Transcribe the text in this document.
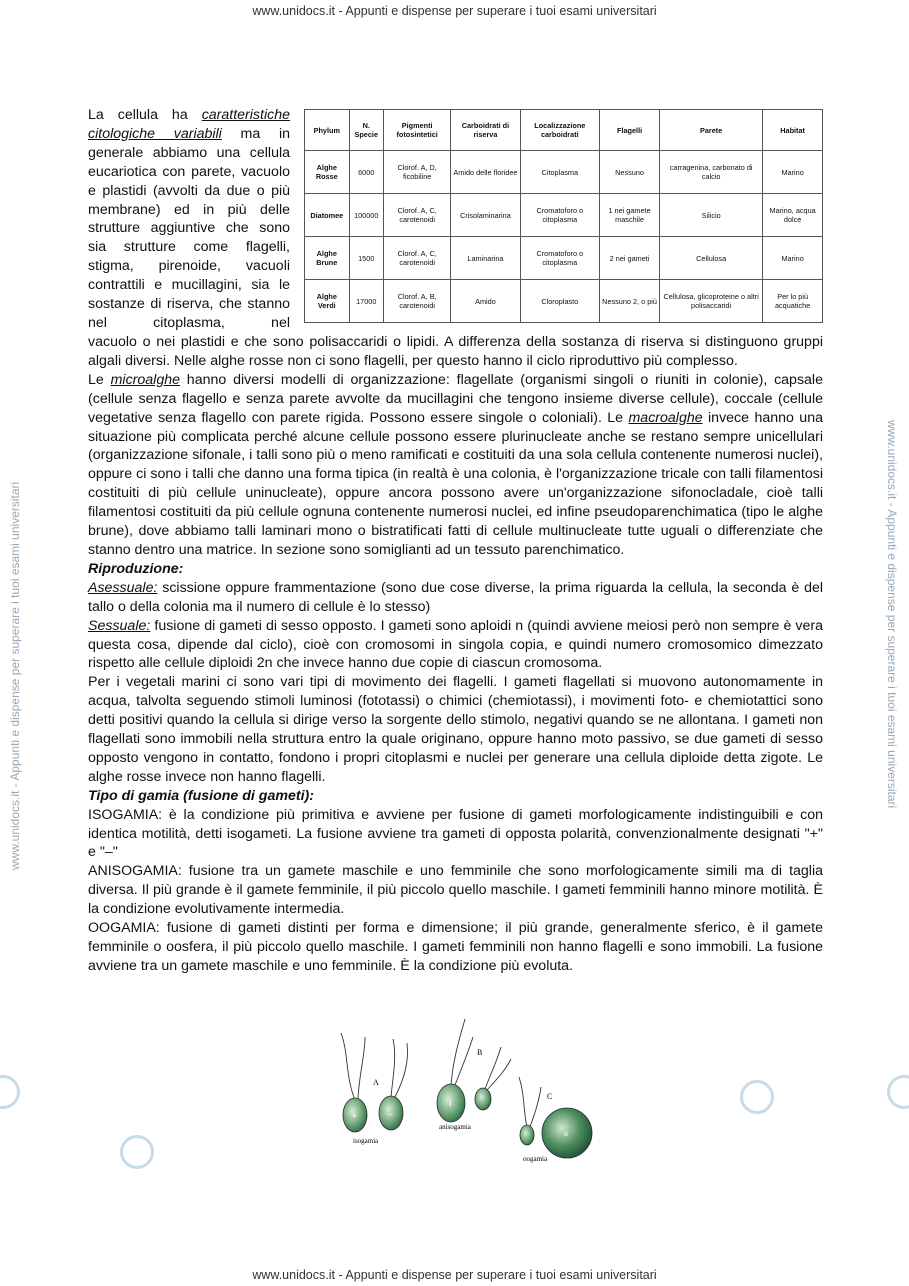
www.unidocs.it - Appunti e dispense per superare i tuoi esami universitari
www.unidocs.it - Appunti e dispense per superare i tuoi esami universitari	www.unidocs.it - Appunti e dispense per superare i tuoi esami universitari
La cellula ha caratteristiche citologiche variabili ma in generale abbiamo una cellula eucariotica con parete, vacuolo e plastidi (avvolti da due o più membrane) ed in più delle strutture aggiuntive che sono sia strutture come flagelli, stigma, pirenoide, vacuoli contrattili e mucillagini, sia le sostanze di riserva, che stanno nel citoplasma, nel
Phylum	N. Specie	Pigmenti fotosintetici	Carboidrati di riserva	Localizzazione carboidrati	Flagelli	Parete	Habitat
Alghe Rosse	6000	Clorof. A, D, ficobiline	Amido delle floridee	Citoplasma	Nessuno	carragenina, carbonato di calcio	Marino
Diatomee	100000	Clorof. A, C, carotenoidi	Crisolaminarina	Cromatoforo o citoplasma	1 nei gamete maschile	Silicio	Marino, acqua dolce
Alghe Brune	1500	Clorof. A, C, carotenoidi	Laminarina	Cromatoforo o citoplasma	2 nei gameti	Cellulosa	Marino
Alghe Verdi	17000	Clorof. A, B, carotenoidi	Amido	Cloroplasto	Nessuno 2, o più	Cellulosa, glicoproteine o altri polisaccaridi	Per lo più acquatiche

vacuolo o nei plastidi e che sono polisaccaridi o lipidi. A differenza della sostanza di riserva si distinguono gruppi algali diversi. Nelle alghe rosse non ci sono flagelli, per questo hanno il ciclo riproduttivo più complesso.

Le microalghe hanno diversi modelli di organizzazione: flagellate (organismi singoli o riuniti in colonie), capsale (cellule senza flagello e senza parete avvolte da mucillagini che tengono insieme diverse cellule), coccale (cellule vegetative senza flagello con parete rigida. Possono essere singole o coloniali). Le macroalghe invece hanno una situazione più complicata perché alcune cellule possono essere plurinucleate anche se restano sempre unicellulari (organizzazione sifonale, i talli sono più o meno ramificati e costituiti da una sola cellula contenente numerosi nuclei), oppure ci sono i talli che danno una forma tipica (in realtà è una colonia, è l'organizzazione tricale con talli filamentosi costituiti di più cellule uninucleate), oppure ancora possono avere un'organizzazione sifonocladale, cioè talli filamentosi costituiti da più cellule ognuna contenente numerosi nuclei, ed infine pseudoparenchimatica (tipo le alghe brune), dove abbiamo talli laminari mono o bistratificati fatti di cellule multinucleate tutte uguali o differenziate che stanno dentro una matrice. In sezione sono somiglianti ad un tessuto parenchimatico.

Riproduzione:

Asessuale: scissione oppure frammentazione (sono due cose diverse, la prima riguarda la cellula, la seconda è del tallo o della colonia ma il numero di cellule è lo stesso)

Sessuale: fusione di gameti di sesso opposto. I gameti sono aploidi n (quindi avviene meiosi però non sempre è vera questa cosa, dipende dal ciclo), cioè con cromosomi in singola copia, e quindi numero cromosomico dimezzato rispetto alle cellule diploidi 2n che invece hanno due copie di ciascun cromosoma.

Per i vegetali marini ci sono vari tipi di movimento dei flagelli. I gameti flagellati si muovono autonomamente in acqua, talvolta seguendo stimoli luminosi (fototassi) o chimici (chemiotassi), i movimenti foto- e chemiotattici sono detti positivi quando la cellula si dirige verso la sorgente dello stimolo, negativi quando se ne allontana. I gameti non flagellati sono immobili nella struttura entro la quale originano, oppure hanno moto passivo, se due gameti di sesso opposto vengono in contatto, fondono i propri citoplasmi e nuclei per generare una cellula diploide detta zigote. Le alghe rosse invece non hanno flagelli.

Tipo di gamia (fusione di gameti):

ISOGAMIA: è la condizione più primitiva e avviene per fusione di gameti morfologicamente indistinguibili e con identica motilità, detti isogameti. La fusione avviene tra gameti di opposta polarità, convenzionalmente designati "+" e "–"

ANISOGAMIA: fusione tra un gamete maschile e uno femminile che sono morfologicamente simili ma di taglia diversa. Il più grande è il gamete femminile, il più piccolo quello maschile. I gameti femminili hanno minore motilità. È la condizione evolutivamente intermedia.

OOGAMIA: fusione di gameti distinti per forma e dimensione; il più grande, generalmente sferico, è il gamete femminile o oosfera, il più piccolo quello maschile. I gameti femminili non hanno flagelli e sono immobili. La fusione avviene tra un gamete maschile e uno femminile. È la condizione più evoluta.

A
+	–
isogamia
B
f
anisogamia
C
o
oogamia
www.unidocs.it - Appunti e dispense per superare i tuoi esami universitari
